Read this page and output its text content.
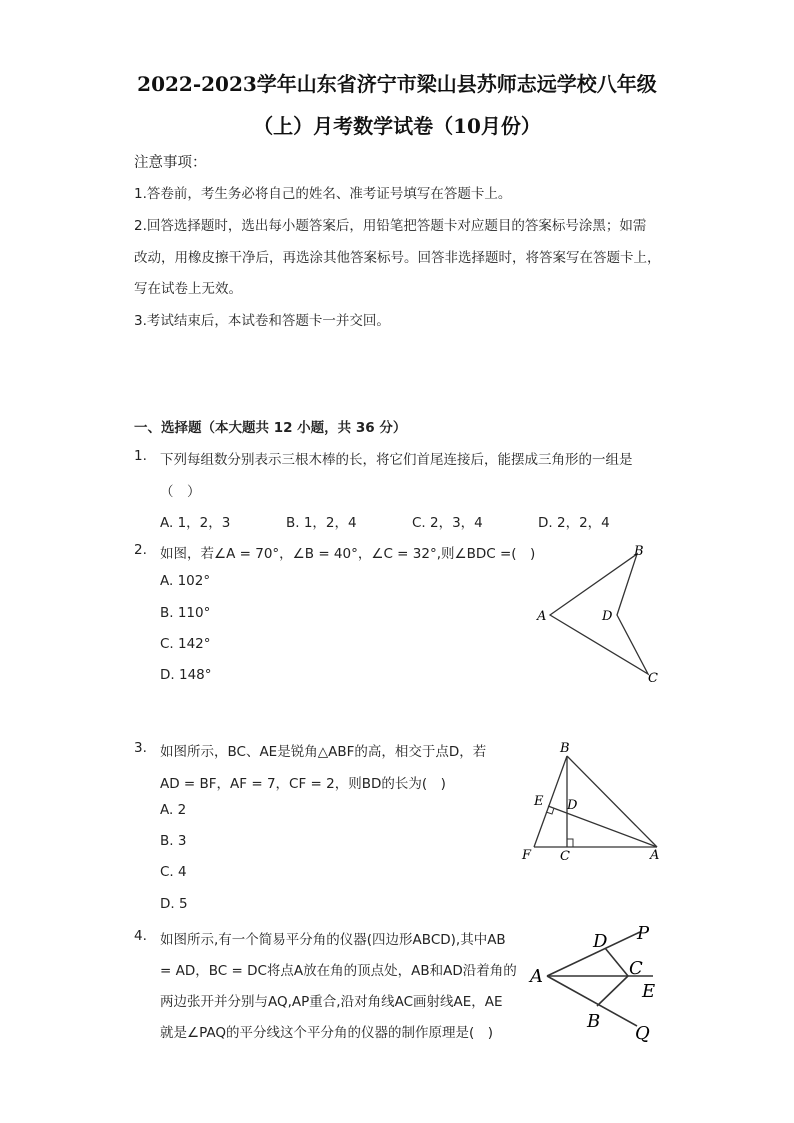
2022-2023学年山东省济宁市梁山县苏师志远学校八年级
（上）月考数学试卷（10月份）
注意事项：
1.答卷前，考生务必将自己的姓名、准考证号填写在答题卡上。
2.回答选择题时，选出每小题答案后，用铅笔把答题卡对应题目的答案标号涂黑；如需
改动，用橡皮擦干净后，再选涂其他答案标号。回答非选择题时，将答案写在答题卡上，
写在试卷上无效。
3.考试结束后，本试卷和答题卡一并交回。
一、选择题（本大题共 12 小题，共 36 分）
1. 下列每组数分别表示三根木棒的长，将它们首尾连接后，能摆成三角形的一组是
（　）
A. 1，2，3	B. 1，2，4	C. 2，3，4	D. 2，2，4
2. 如图，若∠A = 70°，∠B = 40°，∠C = 32°,则∠BDC =(　)
A. 102°
B. 110°
C. 142°
D. 148°
B
A	D
C
3. 如图所示，BC、AE是锐角△ABF的高，相交于点D，若
AD = BF，AF = 7，CF = 2，则BD的长为(　)
A. 2
B. 3
C. 4
D. 5
B
E D
F C	A
4. 如图所示,有一个简易平分角的仪器(四边形ABCD),其中AB
= AD，BC = DC将点A放在角的顶点处，AB和AD沿着角的
两边张开并分别与AQ,AP重合,沿对角线AC画射线AE，AE
就是∠PAQ的平分线这个平分角的仪器的制作原理是(　)
D P
A	C
E
B
Q
